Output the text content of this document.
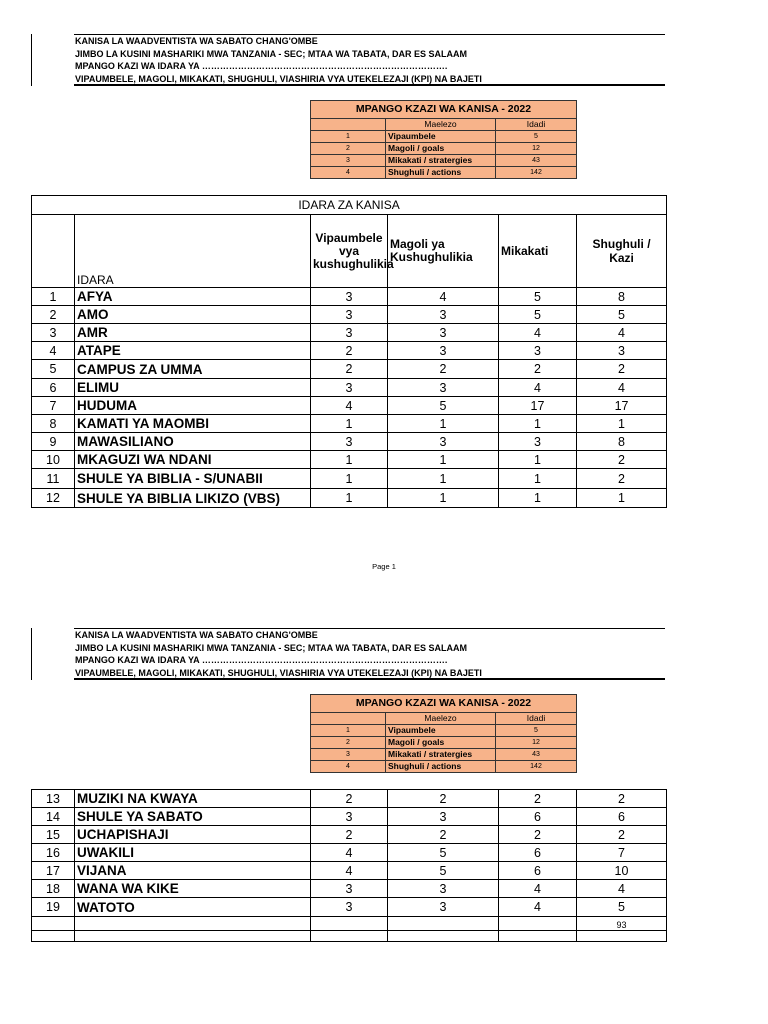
KANISA LA WAADVENTISTA WA SABATO CHANG'OMBE
JIMBO LA KUSINI MASHARIKI MWA TANZANIA - SEC; MTAA WA TABATA, DAR ES SALAAM
MPANGO KAZI WA IDARA YA ……………………………………………………………………….
VIPAUMBELE, MAGOLI, MIKAKATI, SHUGHULI, VIASHIRIA VYA UTEKELEZAJI (KPI) NA BAJETI
MPANGO KZAZI WA KANISA - 2022		
	Maelezo	Idadi
1	Vipaumbele	5
2	Magoli / goals	12
3	Mikakati / stratergies	43
4	Shughuli / actions	142
IDARA ZA KANISA					
	IDARA	Vipaumbele vya kushughulikia	Magoli ya Kushughulikia	Mikakati	Shughuli / Kazi
1	AFYA	3	4	5	8
2	AMO	3	3	5	5
3	AMR	3	3	4	4
4	ATAPE	2	3	3	3
5	CAMPUS ZA UMMA	2	2	2	2
6	ELIMU	3	3	4	4
7	HUDUMA	4	5	17	17
8	KAMATI YA MAOMBI	1	1	1	1
9	MAWASILIANO	3	3	3	8
10	MKAGUZI WA NDANI	1	1	1	2
11	SHULE YA BIBLIA - S/UNABII	1	1	1	2
12	SHULE YA BIBLIA LIKIZO (VBS)	1	1	1	1
Page 1
KANISA LA WAADVENTISTA WA SABATO CHANG'OMBE
JIMBO LA KUSINI MASHARIKI MWA TANZANIA - SEC; MTAA WA TABATA, DAR ES SALAAM
MPANGO KAZI WA IDARA YA ……………………………………………………………………….
VIPAUMBELE, MAGOLI, MIKAKATI, SHUGHULI, VIASHIRIA VYA UTEKELEZAJI (KPI) NA BAJETI
MPANGO KZAZI WA KANISA - 2022		
	Maelezo	Idadi
1	Vipaumbele	5
2	Magoli / goals	12
3	Mikakati / stratergies	43
4	Shughuli / actions	142
13	MUZIKI NA KWAYA	2	2	2	2
14	SHULE YA SABATO	3	3	6	6
15	UCHAPISHAJI	2	2	2	2
16	UWAKILI	4	5	6	7
17	VIJANA	4	5	6	10
18	WANA WA KIKE	3	3	4	4
19	WATOTO	3	3	4	5
					93
